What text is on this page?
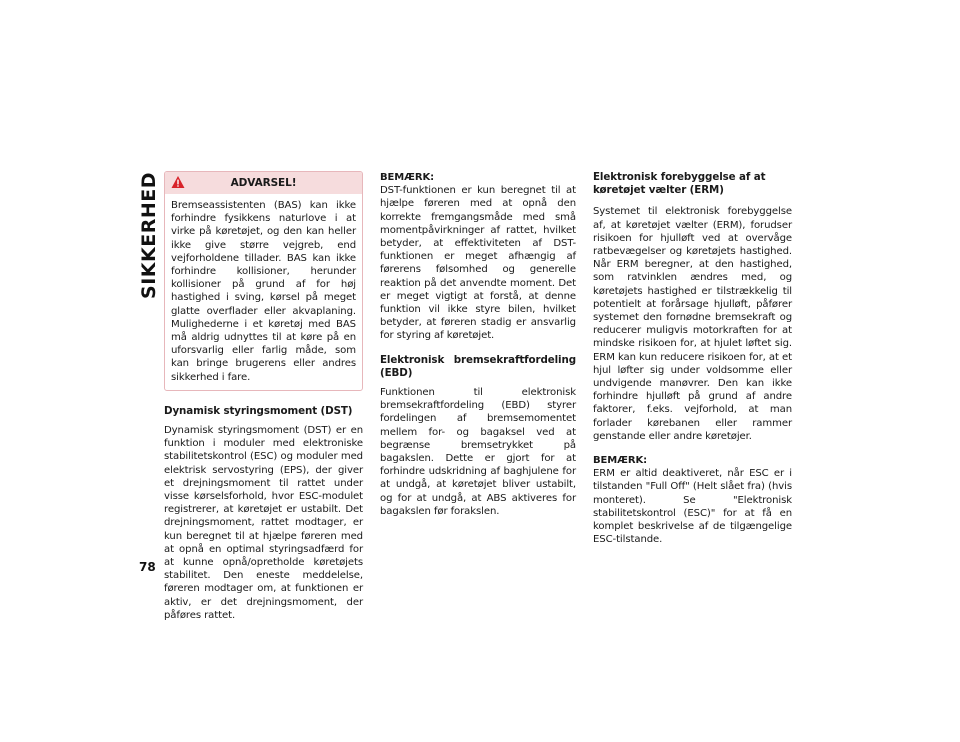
SIKKERHED
78
ADVARSEL!

Bremseassistenten (BAS) kan ikke forhindre fysikkens naturlove i at virke på køretøjet, og den kan heller ikke give større vejgreb, end vejforholdene tillader. BAS kan ikke forhindre kollisioner, herunder kollisioner på grund af for høj hastighed i sving, kørsel på meget glatte overflader eller akvaplaning. Mulighederne i et køretøj med BAS må aldrig udnyttes til at køre på en uforsvarlig eller farlig måde, som kan bringe brugerens eller andres sikkerhed i fare.

Dynamisk styringsmoment (DST)

Dynamisk styringsmoment (DST) er en funktion i moduler med elektroniske stabilitetskontrol (ESC) og moduler med elektrisk servostyring (EPS), der giver et drejningsmoment til rattet under visse kørselsforhold, hvor ESC-modulet registrerer, at køretøjet er ustabilt. Det drejningsmoment, rattet modtager, er kun beregnet til at hjælpe føreren med at opnå en optimal styringsadfærd for at kunne opnå/opretholde køretøjets stabilitet. Den eneste meddelelse, føreren modtager om, at funktionen er aktiv, er det drejningsmoment, der påføres rattet.

BEMÆRK:

DST-funktionen er kun beregnet til at hjælpe føreren med at opnå den korrekte fremgangsmåde med små momentpåvirkninger af rattet, hvilket betyder, at effektiviteten af DST-funktionen er meget afhængig af førerens følsomhed og generelle reaktion på det anvendte moment. Det er meget vigtigt at forstå, at denne funktion vil ikke styre bilen, hvilket betyder, at føreren stadig er ansvarlig for styring af køretøjet.

Elektronisk bremsekraftfordeling (EBD)

Funktionen til elektronisk bremsekraftfordeling (EBD) styrer fordelingen af bremsemomentet mellem for- og bagaksel ved at begrænse bremsetrykket på bagakslen. Dette er gjort for at forhindre udskridning af baghjulene for at undgå, at køretøjet bliver ustabilt, og for at undgå, at ABS aktiveres for bagakslen før forakslen.

Elektronisk forebyggelse af at køretøjet vælter (ERM)

Systemet til elektronisk forebyggelse af, at køretøjet vælter (ERM), forudser risikoen for hjulløft ved at overvåge ratbevægelser og køretøjets hastighed. Når ERM beregner, at den hastighed, som ratvinklen ændres med, og køretøjets hastighed er tilstrækkelig til potentielt at forårsage hjulløft, påfører systemet den fornødne bremsekraft og reducerer muligvis motorkraften for at mindske risikoen for, at hjulet løftet sig. ERM kan kun reducere risikoen for, at et hjul løfter sig under voldsomme eller undvigende manøvrer. Den kan ikke forhindre hjulløft på grund af andre faktorer, f.eks. vejforhold, at man forlader kørebanen eller rammer genstande eller andre køretøjer.

BEMÆRK:

ERM er altid deaktiveret, når ESC er i tilstanden "Full Off" (Helt slået fra) (hvis monteret). Se "Elektronisk stabilitetskontrol (ESC)" for at få en komplet beskrivelse af de tilgængelige ESC-tilstande.
